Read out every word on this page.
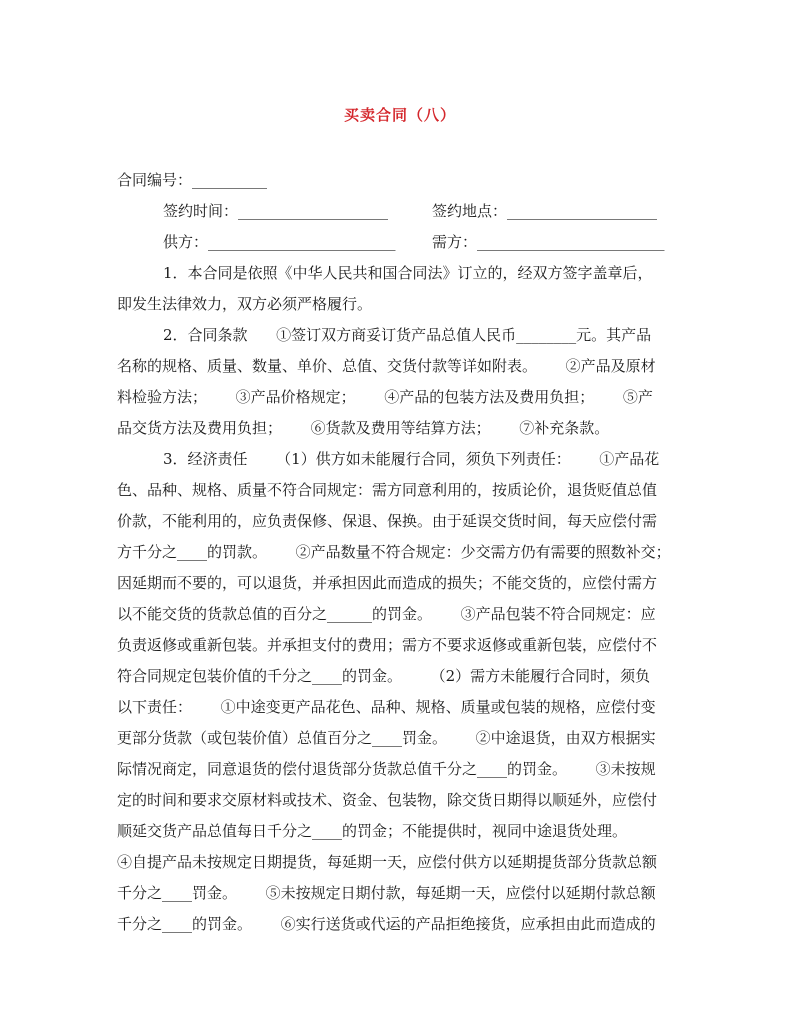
买卖合同（八）
合同编号：__________
签约时间：____________________	签约地点：____________________
供方：_________________________ 需方：_________________________
1．本合同是依照《中华人民共和国合同法》订立的，经双方签字盖章后，
即发生法律效力，双方必须严格履行。
2．合同条款      ①签订双方商妥订货产品总值人民币________元。其产品
名称的规格、质量、数量、单价、总值、交货付款等详如附表。      ②产品及原材
料检验方法；      ③产品价格规定；      ④产品的包装方法及费用负担；      ⑤产
品交货方法及费用负担；      ⑥货款及费用等结算方法；      ⑦补充条款。
3．经济责任      （1）供方如未能履行合同，须负下列责任：      ①产品花
色、品种、规格、质量不符合同规定：需方同意利用的，按质论价，退货贬值总值
价款，不能利用的，应负责保修、保退、保换。由于延误交货时间，每天应偿付需
方千分之____的罚款。      ②产品数量不符合规定：少交需方仍有需要的照数补交；
因延期而不要的，可以退货，并承担因此而造成的损失；不能交货的，应偿付需方
以不能交货的货款总值的百分之______的罚金。      ③产品包装不符合同规定：应
负责返修或重新包装。并承担支付的费用；需方不要求返修或重新包装，应偿付不
符合同规定包装价值的千分之____的罚金。      （2）需方未能履行合同时，须负
以下责任：      ①中途变更产品花色、品种、规格、质量或包装的规格，应偿付变
更部分货款（或包装价值）总值百分之____罚金。      ②中途退货，由双方根据实
际情况商定，同意退货的偿付退货部分货款总值千分之____的罚金。      ③未按规
定的时间和要求交原材料或技术、资金、包装物，除交货日期得以顺延外，应偿付
顺延交货产品总值每日千分之____的罚金；不能提供时，视同中途退货处理。
④自提产品未按规定日期提货，每延期一天，应偿付供方以延期提货部分货款总额
千分之____罚金。      ⑤未按规定日期付款，每延期一天，应偿付以延期付款总额
千分之____的罚金。      ⑥实行送货或代运的产品拒绝接货，应承担由此而造成的
